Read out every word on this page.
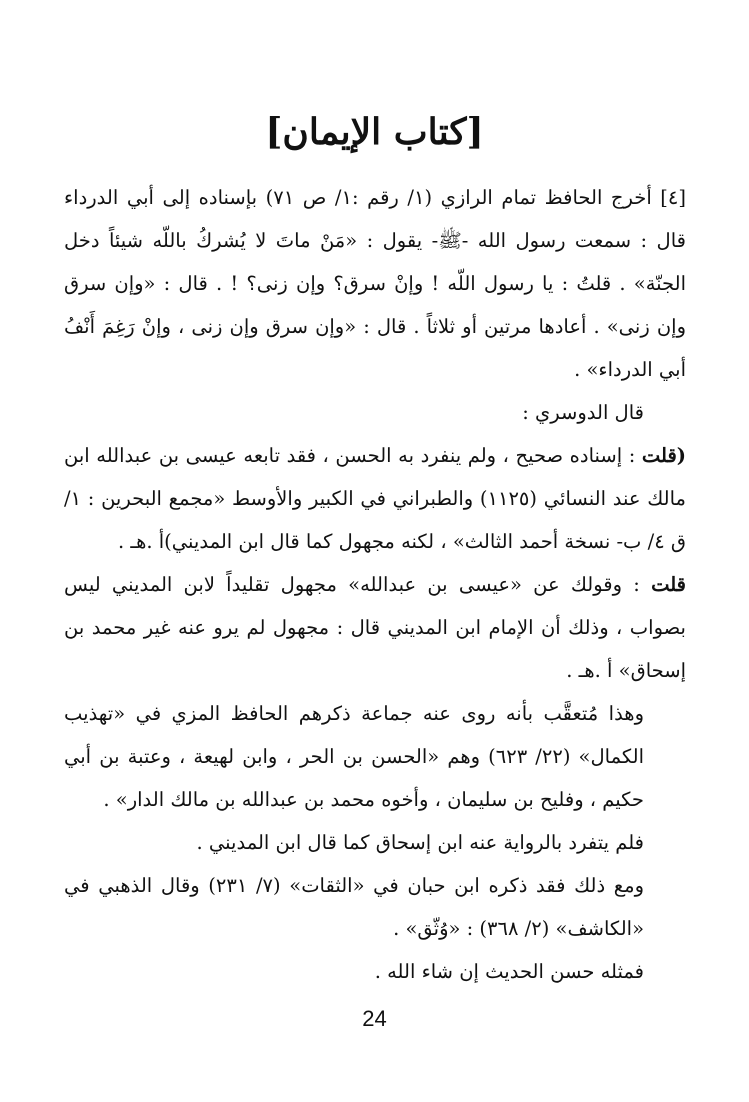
[كتاب الإيمان]

[٤] أخرج الحافظ تمام الرازي (١/ رقم :١/ ص ٧١) بإسناده إلى أبي الدرداء قال : سمعت رسول الله -ﷺ- يقول : «مَنْ ماتَ لا يُشركُ باللّه شيئاً دخل الجنّة» . قلتُ : يا رسول اللّه ! وإنْ سرق؟ وإن زنى؟ ! . قال : «وإن سرق وإن زنى» . أعادها مرتين أو ثلاثاً . قال : «وإن سرق وإن زنى ، وإنْ رَغِمَ أَنْفُ أبي الدرداء» .

قال الدوسري :

(قلت : إسناده صحيح ، ولم ينفرد به الحسن ، فقد تابعه عيسى بن عبدالله ابن مالك عند النسائي (١١٢٥) والطبراني في الكبير والأوسط «مجمع البحرين : ١/ ق ٤/ ب- نسخة أحمد الثالث» ، لكنه مجهول كما قال ابن المديني)أ .هـ .

قلت : وقولك عن «عيسى بن عبدالله» مجهول تقليداً لابن المديني ليس بصواب ، وذلك أن الإمام ابن المديني قال : مجهول لم يرو عنه غير محمد بن إسحاق» أ .هـ .

وهذا مُتعقَّب بأنه روى عنه جماعة ذكرهم الحافظ المزي في «تهذيب الكمال» (٢٢/ ٦٢٣) وهم «الحسن بن الحر ، وابن لهيعة ، وعتبة بن أبي حكيم ، وفليح بن سليمان ، وأخوه محمد بن عبدالله بن مالك الدار» .

فلم يتفرد بالرواية عنه ابن إسحاق كما قال ابن المديني .

ومع ذلك فقد ذكره ابن حبان في «الثقات» (٧/ ٢٣١) وقال الذهبي في «الكاشف» (٢/ ٣٦٨) : «وُثّق» .

فمثله حسن الحديث إن شاء الله .

24
